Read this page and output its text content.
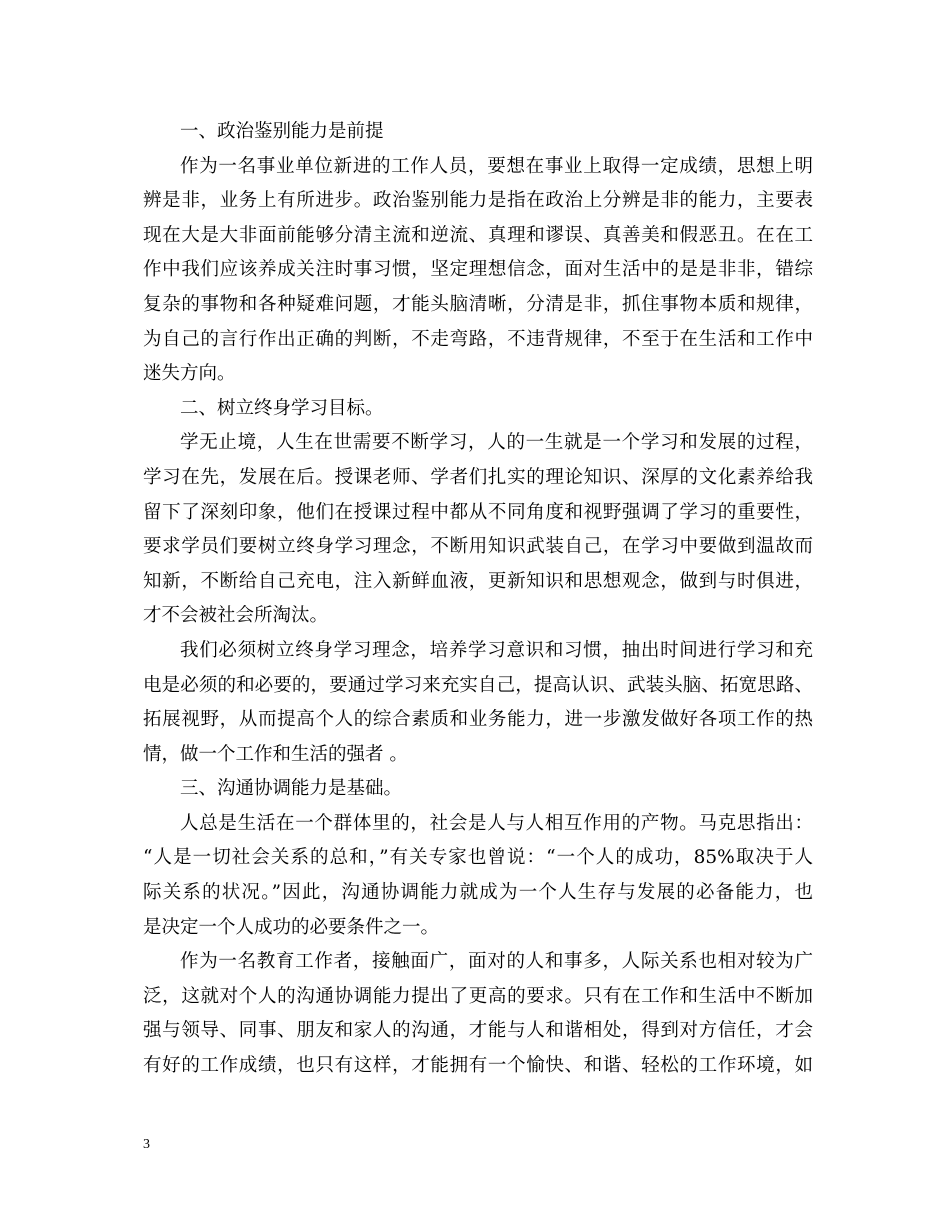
一、政治鉴别能力是前提
作为一名事业单位新进的工作人员，要想在事业上取得一定成绩，思想上明
辨是非，业务上有所进步。政治鉴别能力是指在政治上分辨是非的能力，主要表
现在大是大非面前能够分清主流和逆流、真理和谬误、真善美和假恶丑。在在工
作中我们应该养成关注时事习惯，坚定理想信念，面对生活中的是是非非，错综
复杂的事物和各种疑难问题，才能头脑清晰，分清是非，抓住事物本质和规律，
为自己的言行作出正确的判断，不走弯路，不违背规律，不至于在生活和工作中
迷失方向。
二、树立终身学习目标。
学无止境，人生在世需要不断学习，人的一生就是一个学习和发展的过程，
学习在先，发展在后。授课老师、学者们扎实的理论知识、深厚的文化素养给我
留下了深刻印象，他们在授课过程中都从不同角度和视野强调了学习的重要性，
要求学员们要树立终身学习理念，不断用知识武装自己，在学习中要做到温故而
知新，不断给自己充电，注入新鲜血液，更新知识和思想观念，做到与时俱进，
才不会被社会所淘汰。
我们必须树立终身学习理念，培养学习意识和习惯，抽出时间进行学习和充
电是必须的和必要的，要通过学习来充实自己，提高认识、武装头脑、拓宽思路、
拓展视野，从而提高个人的综合素质和业务能力，进一步激发做好各项工作的热
情，做一个工作和生活的强者 。
三、沟通协调能力是基础。
人总是生活在一个群体里的，社会是人与人相互作用的产物。马克思指出：
“人是一切社会关系的总和，”有关专家也曾说：“一个人的成功，85%取决于人
际关系的状况。”因此，沟通协调能力就成为一个人生存与发展的必备能力，也
是决定一个人成功的必要条件之一。
作为一名教育工作者，接触面广，面对的人和事多，人际关系也相对较为广
泛，这就对个人的沟通协调能力提出了更高的要求。只有在工作和生活中不断加
强与领导、同事、朋友和家人的沟通，才能与人和谐相处，得到对方信任，才会
有好的工作成绩，也只有这样，才能拥有一个愉快、和谐、轻松的工作环境，如
3
